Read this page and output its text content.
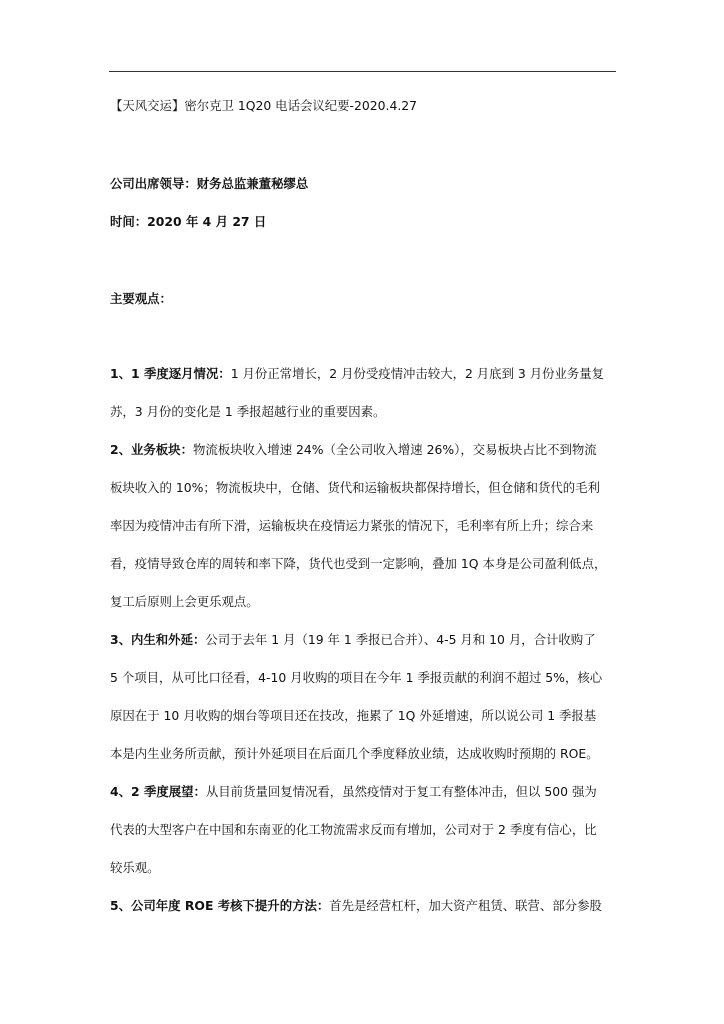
【天风交运】密尔克卫 1Q20 电话会议纪要-2020.4.27
公司出席领导：财务总监兼董秘缪总
时间：2020 年 4 月 27 日
主要观点：
1、1 季度逐月情况：1 月份正常增长，2 月份受疫情冲击较大，2 月底到 3 月份业务量复
苏，3 月份的变化是 1 季报超越行业的重要因素。
2、业务板块：物流板块收入增速 24%（全公司收入增速 26%），交易板块占比不到物流
板块收入的 10%；物流板块中，仓储、货代和运输板块都保持增长，但仓储和货代的毛利
率因为疫情冲击有所下滑，运输板块在疫情运力紧张的情况下，毛利率有所上升；综合来
看，疫情导致仓库的周转和率下降，货代也受到一定影响，叠加 1Q 本身是公司盈利低点，
复工后原则上会更乐观点。
3、内生和外延：公司于去年 1 月（19 年 1 季报已合并）、4-5 月和 10 月，合计收购了
5 个项目，从可比口径看，4-10 月收购的项目在今年 1 季报贡献的利润不超过 5%，核心
原因在于 10 月收购的烟台等项目还在技改，拖累了 1Q 外延增速，所以说公司 1 季报基
本是内生业务所贡献，预计外延项目在后面几个季度释放业绩，达成收购时预期的 ROE。
4、2 季度展望：从目前货量回复情况看，虽然疫情对于复工有整体冲击，但以 500 强为
代表的大型客户在中国和东南亚的化工物流需求反而有增加，公司对于 2 季度有信心，比
较乐观。
5、公司年度 ROE 考核下提升的方法：首先是经营杠杆，加大资产租赁、联营、部分参股
